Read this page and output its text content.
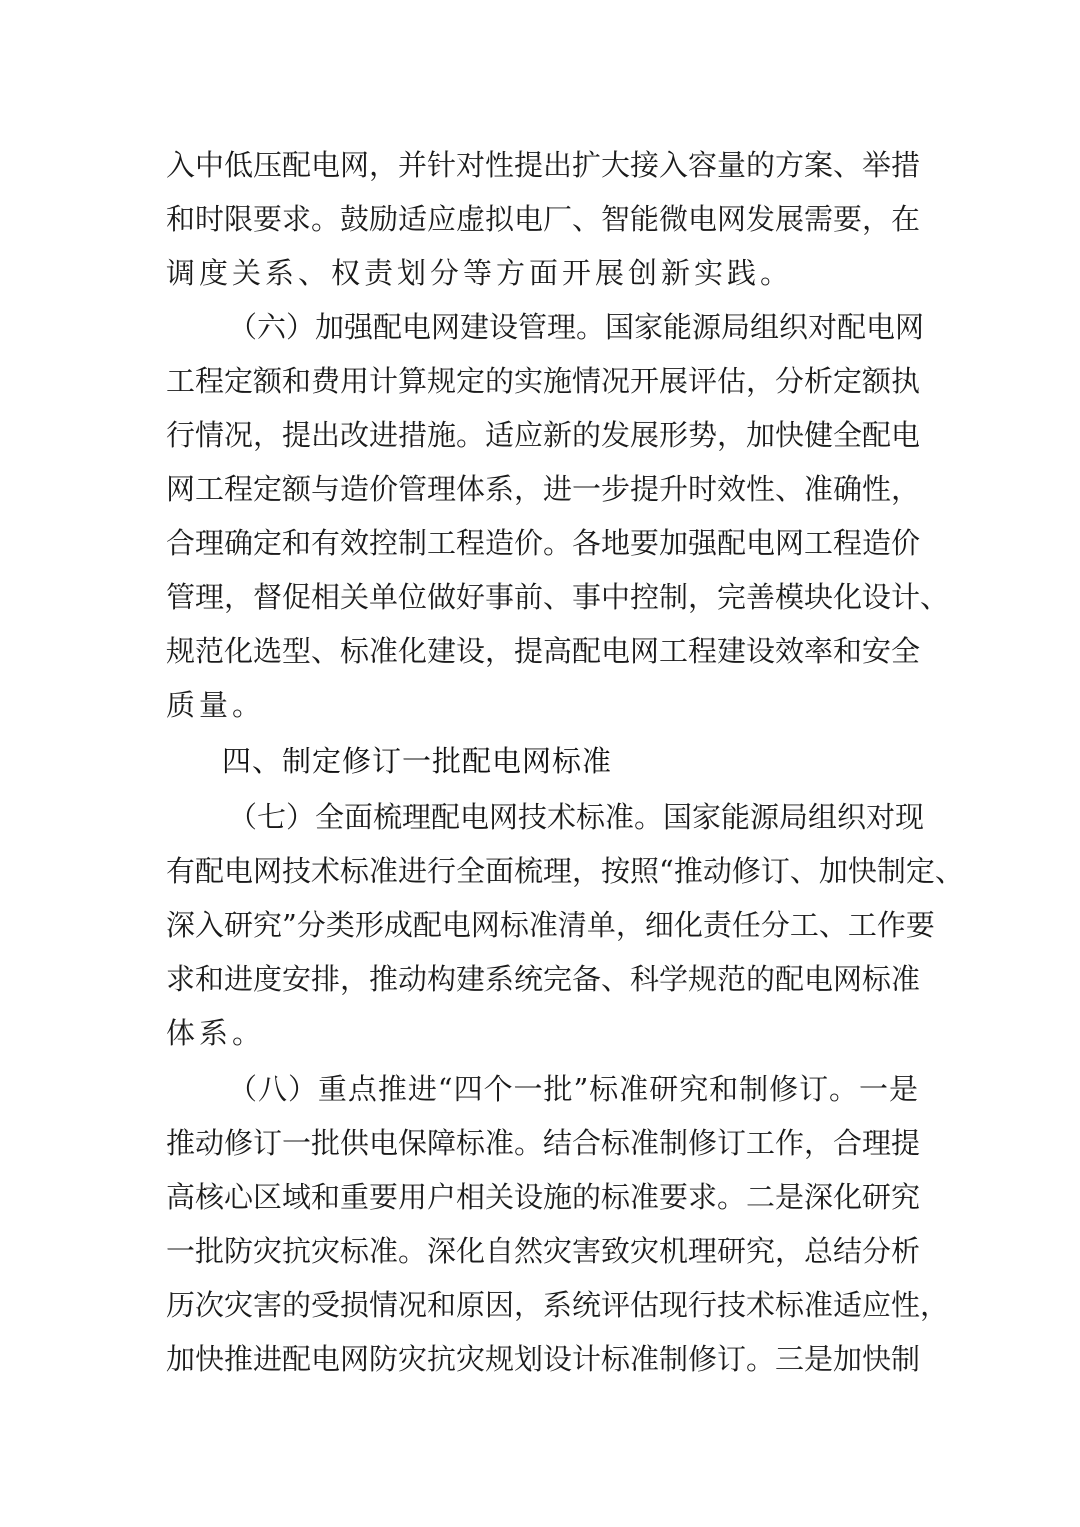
入中低压配电网，并针对性提出扩大接入容量的方案、举措
和时限要求。鼓励适应虚拟电厂、智能微电网发展需要，在
调度关系、权责划分等方面开展创新实践。
（六）加强配电网建设管理。国家能源局组织对配电网
工程定额和费用计算规定的实施情况开展评估，分析定额执
行情况，提出改进措施。适应新的发展形势，加快健全配电
网工程定额与造价管理体系，进一步提升时效性、准确性，
合理确定和有效控制工程造价。各地要加强配电网工程造价
管理，督促相关单位做好事前、事中控制，完善模块化设计、
规范化选型、标准化建设，提高配电网工程建设效率和安全
质量。
四、制定修订一批配电网标准
（七）全面梳理配电网技术标准。国家能源局组织对现
有配电网技术标准进行全面梳理，按照“推动修订、加快制定、
深入研究”分类形成配电网标准清单，细化责任分工、工作要
求和进度安排，推动构建系统完备、科学规范的配电网标准
体系。
（八）重点推进“四个一批”标准研究和制修订。一是
推动修订一批供电保障标准。结合标准制修订工作，合理提
高核心区域和重要用户相关设施的标准要求。二是深化研究
一批防灾抗灾标准。深化自然灾害致灾机理研究，总结分析
历次灾害的受损情况和原因，系统评估现行技术标准适应性，
加快推进配电网防灾抗灾规划设计标准制修订。三是加快制
